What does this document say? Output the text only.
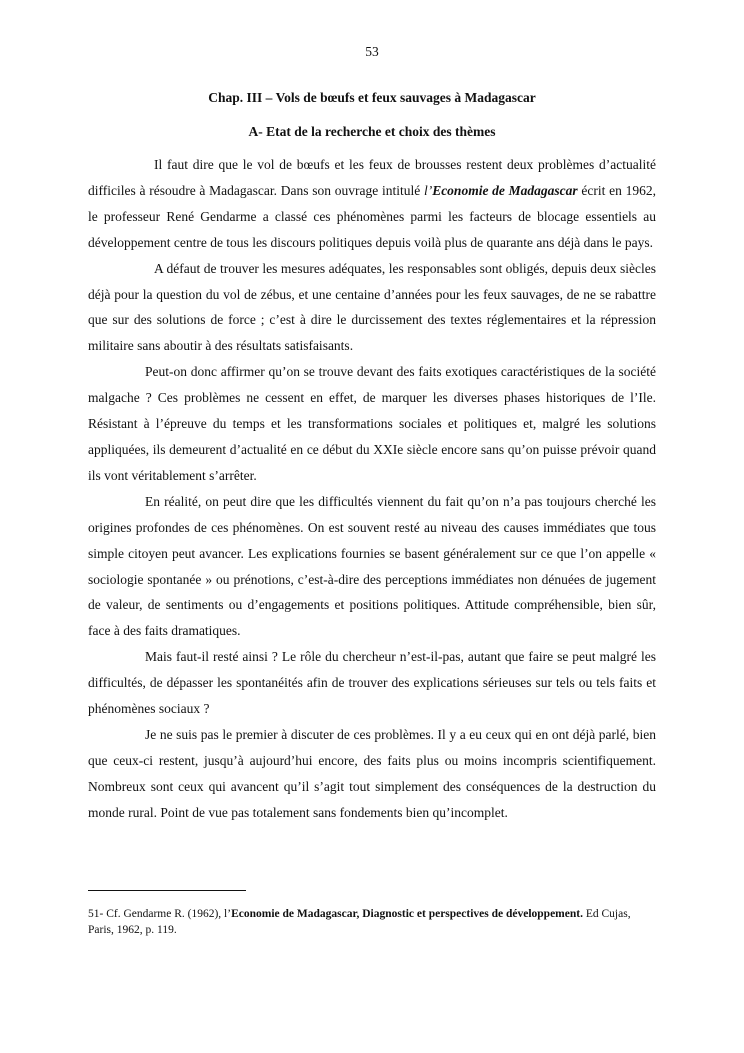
53
Chap. III – Vols de bœufs et feux sauvages à Madagascar
A- Etat de la recherche et choix des thèmes

Il faut dire que le vol de bœufs et les feux de brousses restent deux problèmes d’actualité difficiles à résoudre à Madagascar. Dans son ouvrage intitulé l’Economie de Madagascar écrit en 1962, le professeur René Gendarme a classé ces phénomènes parmi les facteurs de blocage essentiels au développement centre de tous les discours politiques depuis voilà plus de quarante ans déjà dans le pays.

A défaut de trouver les mesures adéquates, les responsables sont obligés, depuis deux siècles déjà pour la question du vol de zébus, et une centaine d’années pour les feux sauvages, de ne se rabattre que sur des solutions de force ; c’est à dire le durcissement des textes réglementaires et la répression militaire sans aboutir à des résultats satisfaisants.

Peut-on donc affirmer qu’on se trouve devant des faits exotiques caractéristiques de la société malgache ? Ces problèmes ne cessent en effet, de marquer les diverses phases historiques de l’Ile. Résistant à l’épreuve du temps et les transformations sociales et politiques et, malgré les solutions appliquées, ils demeurent d’actualité en ce début du XXIe siècle encore sans qu’on puisse prévoir quand ils vont véritablement s’arrêter.

En réalité, on peut dire que les difficultés viennent du fait qu’on n’a pas toujours cherché les origines profondes de ces phénomènes. On est souvent resté au niveau des causes immédiates que tous simple citoyen peut avancer. Les explications fournies se basent généralement sur ce que l’on appelle « sociologie spontanée » ou prénotions, c’est-à-dire des perceptions immédiates non dénuées de jugement de valeur, de sentiments ou d’engagements et positions politiques. Attitude compréhensible, bien sûr, face à des faits dramatiques.

Mais faut-il resté ainsi ? Le rôle du chercheur n’est-il-pas, autant que faire se peut malgré les difficultés, de dépasser les spontanéités afin de trouver des explications sérieuses sur tels ou tels faits et phénomènes sociaux ?

Je ne suis pas le premier à discuter de ces problèmes. Il y a eu ceux qui en ont déjà parlé, bien que ceux-ci restent, jusqu’à aujourd’hui encore, des faits plus ou moins incompris scientifiquement. Nombreux sont ceux qui avancent qu’il s’agit tout simplement des conséquences de la destruction du monde rural. Point de vue pas totalement sans fondements bien qu’incomplet.

51- Cf. Gendarme R. (1962), l’Economie de Madagascar, Diagnostic et perspectives de développement. Ed Cujas, Paris, 1962, p. 119.
